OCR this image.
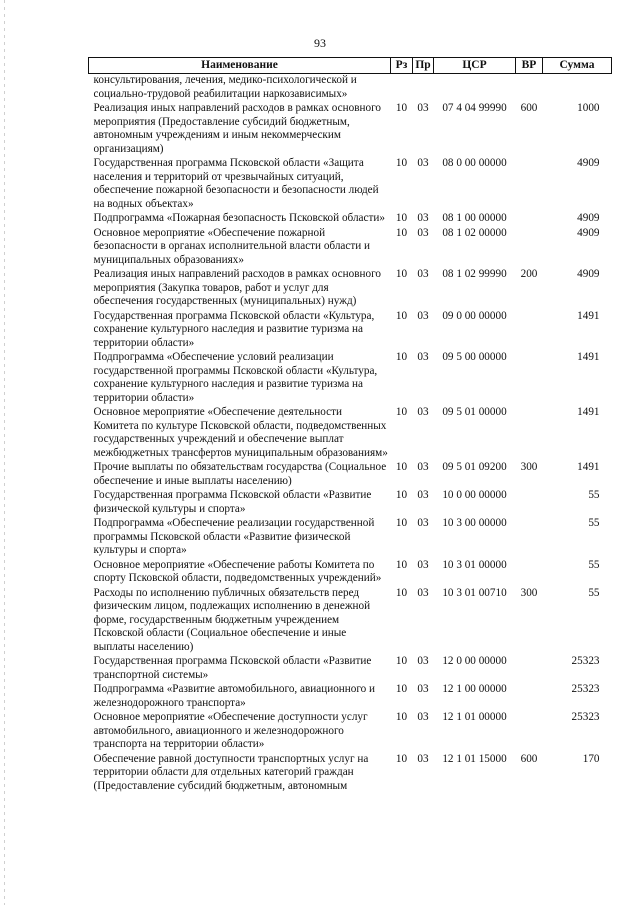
93
Наименование	Рз	Пр	ЦСР	ВР	Сумма
консультирования, лечения, медико-психологической и социально-трудовой реабилитации наркозависимых»					
Реализация иных направлений расходов в рамках основного мероприятия (Предоставление субсидий бюджетным, автономным учреждениям и иным некоммерческим организациям)	10	03	07 4 04 99990	600	1000
Государственная программа Псковской области «Защита населения и территорий от чрезвычайных ситуаций, обеспечение пожарной безопасности и безопасности людей на водных объектах»	10	03	08 0 00 00000		4909
Подпрограмма «Пожарная безопасность Псковской области»	10	03	08 1 00 00000		4909
Основное мероприятие «Обеспечение пожарной безопасности в органах исполнительной власти области и муниципальных образованиях»	10	03	08 1 02 00000		4909
Реализация иных направлений расходов в рамках основного мероприятия (Закупка товаров, работ и услуг для обеспечения государственных (муниципальных) нужд)	10	03	08 1 02 99990	200	4909
Государственная программа Псковской области «Культура, сохранение культурного наследия и развитие туризма на территории области»	10	03	09 0 00 00000		1491
Подпрограмма «Обеспечение условий реализации государственной программы Псковской области «Культура, сохранение культурного наследия и развитие туризма на территории области»	10	03	09 5 00 00000		1491
Основное мероприятие «Обеспечение деятельности Комитета по культуре Псковской области, подведомственных государственных учреждений и обеспечение выплат межбюджетных трансфертов муниципальным образованиям»	10	03	09 5 01 00000		1491
Прочие выплаты по обязательствам государства (Социальное обеспечение и иные выплаты населению)	10	03	09 5 01 09200	300	1491
Государственная программа Псковской области «Развитие физической культуры и спорта»	10	03	10 0 00 00000		55
Подпрограмма «Обеспечение реализации государственной программы Псковской области «Развитие физической культуры и спорта»	10	03	10 3 00 00000		55
Основное мероприятие «Обеспечение работы Комитета по спорту Псковской области, подведомственных учреждений»	10	03	10 3 01 00000		55
Расходы по исполнению публичных обязательств перед физическим лицом, подлежащих исполнению в денежной форме, государственным бюджетным учреждением Псковской области (Социальное обеспечение и иные выплаты населению)	10	03	10 3 01 00710	300	55
Государственная программа Псковской области «Развитие транспортной системы»	10	03	12 0 00 00000		25323
Подпрограмма «Развитие автомобильного, авиационного и железнодорожного транспорта»	10	03	12 1 00 00000		25323
Основное мероприятие «Обеспечение доступности услуг автомобильного, авиационного и железнодорожного транспорта на территории области»	10	03	12 1 01 00000		25323
Обеспечение равной доступности транспортных услуг на территории области для отдельных категорий граждан (Предоставление субсидий бюджетным, автономным	10	03	12 1 01 15000	600	170
